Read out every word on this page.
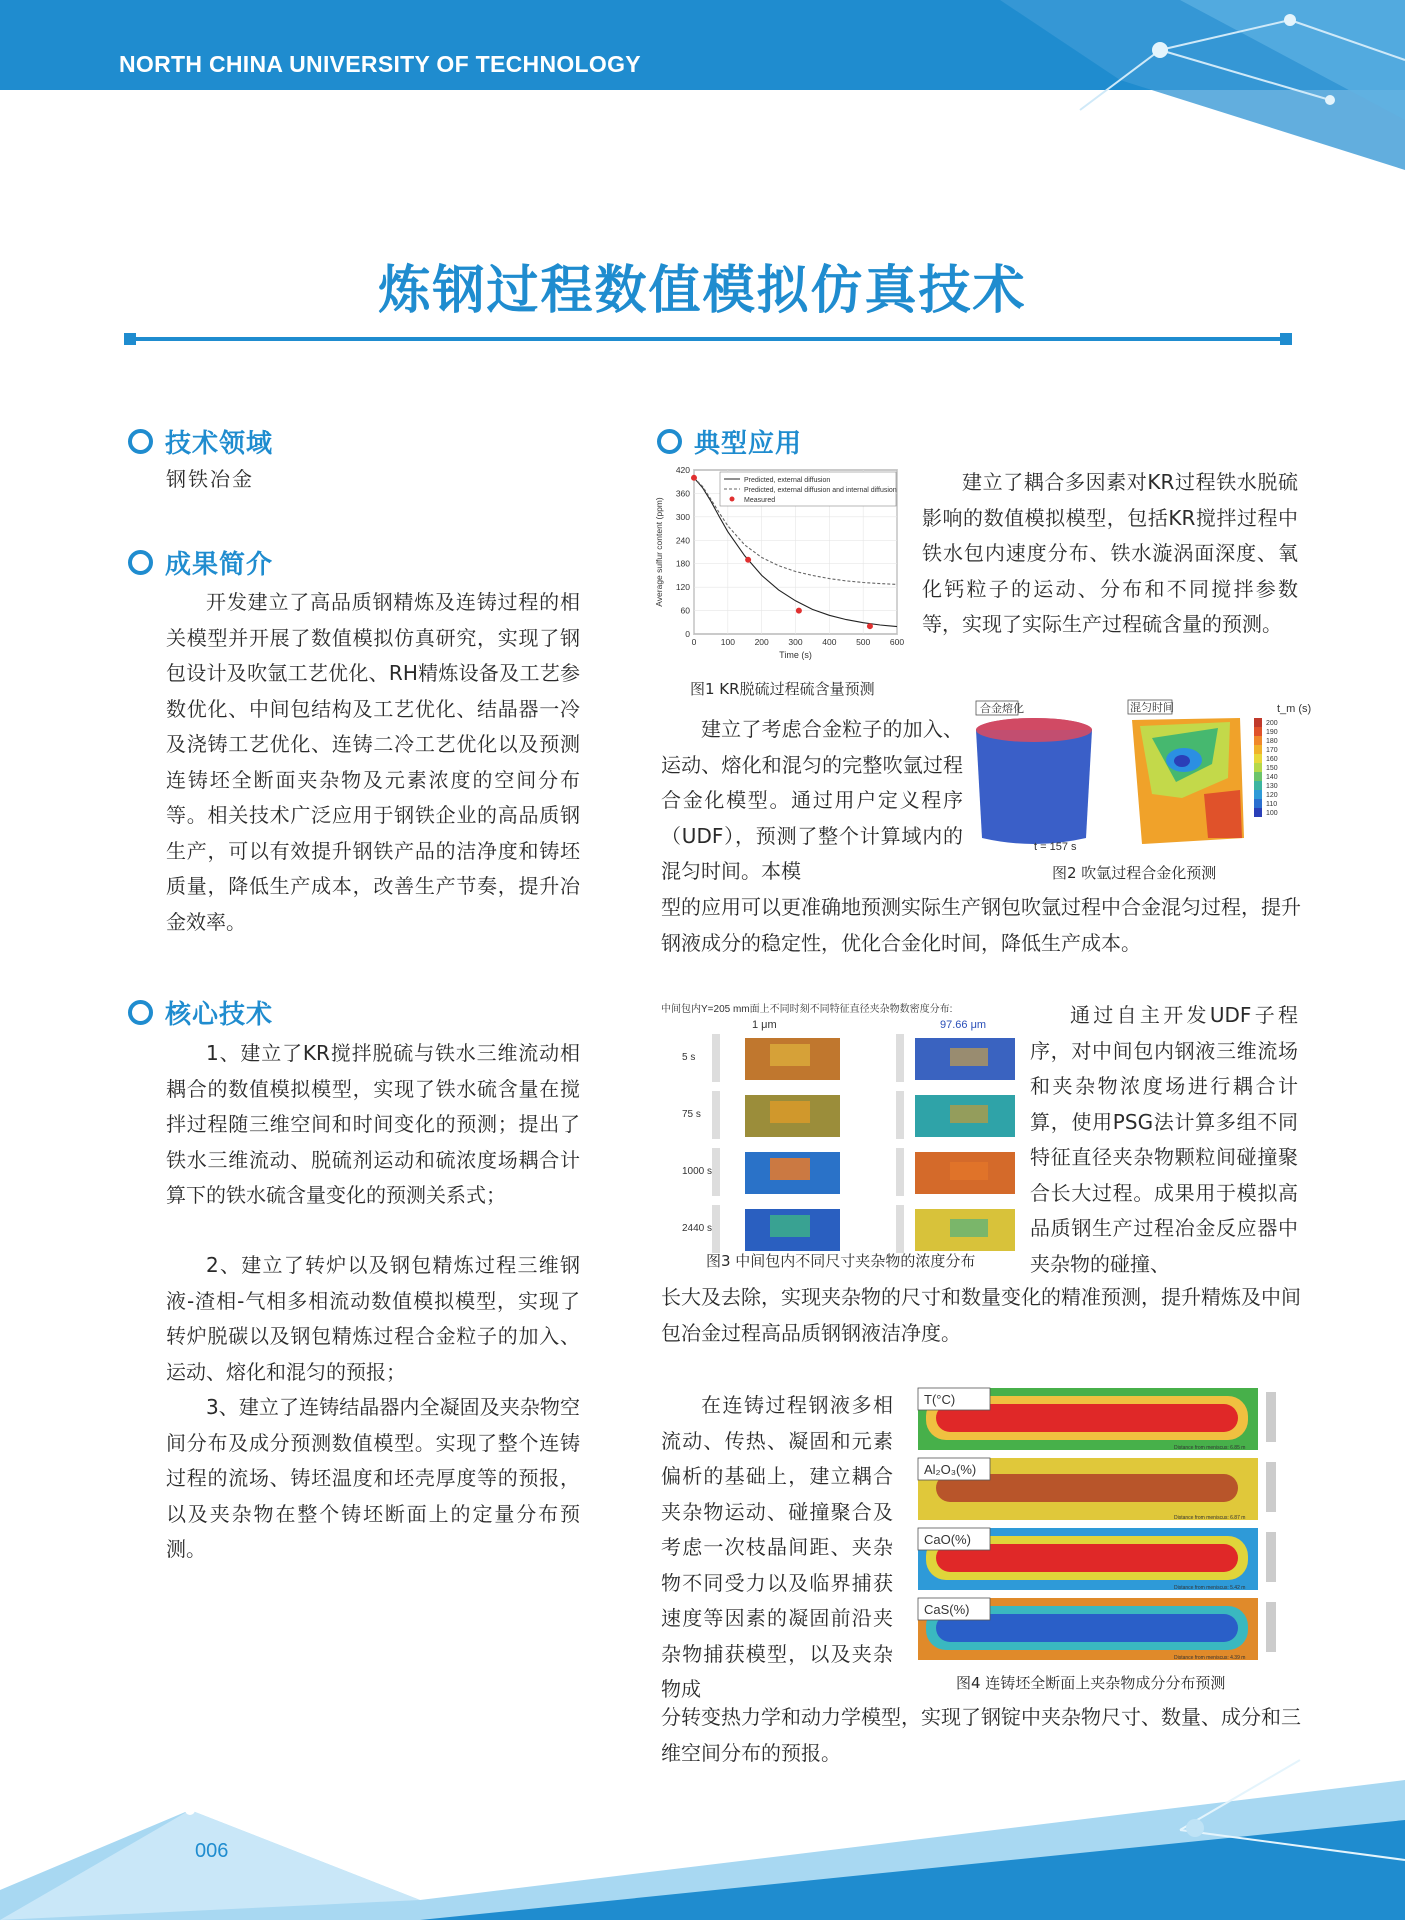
NORTH CHINA UNIVERSITY OF TECHNOLOGY
炼钢过程数值模拟仿真技术
技术领域
钢铁冶金
成果简介
开发建立了高品质钢精炼及连铸过程的相关模型并开展了数值模拟仿真研究，实现了钢包设计及吹氩工艺优化、RH精炼设备及工艺参数优化、中间包结构及工艺优化、结晶器一冷及浇铸工艺优化、连铸二冷工艺优化以及预测连铸坯全断面夹杂物及元素浓度的空间分布等。相关技术广泛应用于钢铁企业的高品质钢生产，可以有效提升钢铁产品的洁净度和铸坯质量，降低生产成本，改善生产节奏，提升冶金效率。
核心技术
1、建立了KR搅拌脱硫与铁水三维流动相耦合的数值模拟模型，实现了铁水硫含量在搅拌过程随三维空间和时间变化的预测；提出了铁水三维流动、脱硫剂运动和硫浓度场耦合计算下的铁水硫含量变化的预测关系式；
2、建立了转炉以及钢包精炼过程三维钢液-渣相-气相多相流动数值模拟模型，实现了转炉脱碳以及钢包精炼过程合金粒子的加入、运动、熔化和混匀的预报；
3、建立了连铸结晶器内全凝固及夹杂物空间分布及成分预测数值模型。实现了整个连铸过程的流场、铸坯温度和坯壳厚度等的预报，以及夹杂物在整个铸坯断面上的定量分布预测。
典型应用
0
60
120
180
240
300
360
420
0	100 200 300 400 500 600
Time (s)
Average sulfur content (ppm)
Predicted, external diffusion
Predicted, external diffusion and internal diffusion
Measured
图1 KR脱硫过程硫含量预测
建立了耦合多因素对KR过程铁水脱硫影响的数值模拟模型，包括KR搅拌过程中铁水包内速度分布、铁水漩涡面深度、氧化钙粒子的运动、分布和不同搅拌参数等，实现了实际生产过程硫含量的预测。
建立了考虑合金粒子的加入、运动、熔化和混匀的完整吹氩过程合金化模型。通过用户定义程序（UDF），预测了整个计算域内的混匀时间。本模
型的应用可以更准确地预测实际生产钢包吹氩过程中合金混匀过程，提升钢液成分的稳定性，优化合金化时间，降低生产成本。
合金熔化
t = 157 s
混匀时间	t_m (s)
200
190
180
170
160
150
140
130
120
110
100
图2 吹氩过程合金化预测
中间包内Y=205 mm面上不同时刻不同特征直径夹杂物数密度分布:
1 μm	97.66 μm
5 s
75 s
1000 s
2440 s
图3 中间包内不同尺寸夹杂物的浓度分布
通过自主开发UDF子程序，对中间包内钢液三维流场和夹杂物浓度场进行耦合计算，使用PSG法计算多组不同特征直径夹杂物颗粒间碰撞聚合长大过程。成果用于模拟高品质钢生产过程冶金反应器中夹杂物的碰撞、
长大及去除，实现夹杂物的尺寸和数量变化的精准预测，提升精炼及中间包冶金过程高品质钢钢液洁净度。
在连铸过程钢液多相流动、传热、凝固和元素偏析的基础上，建立耦合夹杂物运动、碰撞聚合及考虑一次枝晶间距、夹杂物不同受力以及临界捕获速度等因素的凝固前沿夹杂物捕获模型，以及夹杂物成
分转变热力学和动力学模型，实现了钢锭中夹杂物尺寸、数量、成分和三维空间分布的预报。
T(°C)
Distance from meniscus: 6.85 m
Al₂O₃(%)
Distance from meniscus: 6.87 m
CaO(%)
Distance from meniscus: 5.42 m
CaS(%)
Distance from meniscus: 4.39 m
图4 连铸坯全断面上夹杂物成分分布预测
006
